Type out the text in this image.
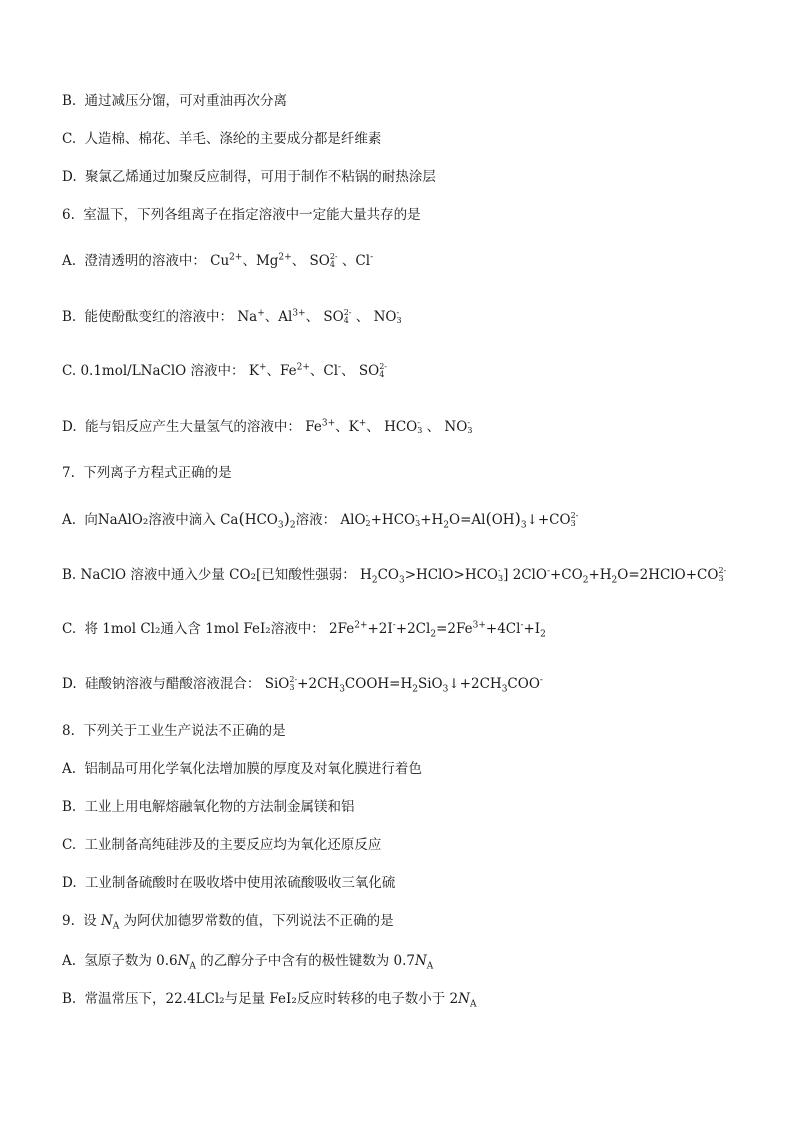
B. 通过减压分馏，可对重油再次分离
C. 人造棉、棉花、羊毛、涤纶的主要成分都是纤维素
D. 聚氯乙烯通过加聚反应制得，可用于制作不粘锅的耐热涂层
6. 室温下，下列各组离子在指定溶液中一定能大量共存的是
A. 澄清透明的溶液中： $Cu^{2+}$、$Mg^{2+}$、 SO 2-
4 、Cl-
B. 能使酚酞变红的溶液中： Na+、$Al^{3+}$、 SO 2-
4 、 NO -
3
C. 0.1mol/LNaClO 溶液中： K+、$Fe^{2+}$、Cl-、 SO 2-
4
D. 能与铝反应产生大量氢气的溶液中： $Fe^{3+}$、K+、 HCO -
3 、 NO -
3
7. 下列离子方程式正确的是
A. 向NaAlO₂溶液中滴入 $Ca(HCO_3)_2$溶液： AlO -
2 +HCO -
$3 +H_2O=Al(OH)_3↓+CO$ 2-
3
B. NaClO 溶液中通入少量 CO₂[已知酸性强弱： $H_2CO_3>HClO>HCO$ -
3 ] $2ClO^-+CO_2+H_2O=2HClO+CO$ 2-
3
C. 将 1mol Cl₂通入含 1mol FeI₂溶液中： $2Fe^{2+}+2I^-+2Cl_2=2Fe^{3+}+4Cl^-+I_2$
D. 硅酸钠溶液与醋酸溶液混合： SiO 2-
$3 +2CH_3COOH=H_2SiO_3↓+2CH_3COO^-$
8. 下列关于工业生产说法不正确的是
A. 铝制品可用化学氧化法增加膜的厚度及对氧化膜进行着色
B. 工业上用电解熔融氧化物的方法制金属镁和铝
C. 工业制备高纯硅涉及的主要反应均为氧化还原反应
D. 工业制备硫酸时在吸收塔中使用浓硫酸吸收三氧化硫
9. 设 $N_A$ 为阿伏加德罗常数的值，下列说法不正确的是
A. 氢原子数为 $0.6N_A$ 的乙醇分子中含有的极性键数为 $0.7N_A$
B. 常温常压下，22.4LCl₂与足量 FeI₂反应时转移的电子数小于 $2N_A$
